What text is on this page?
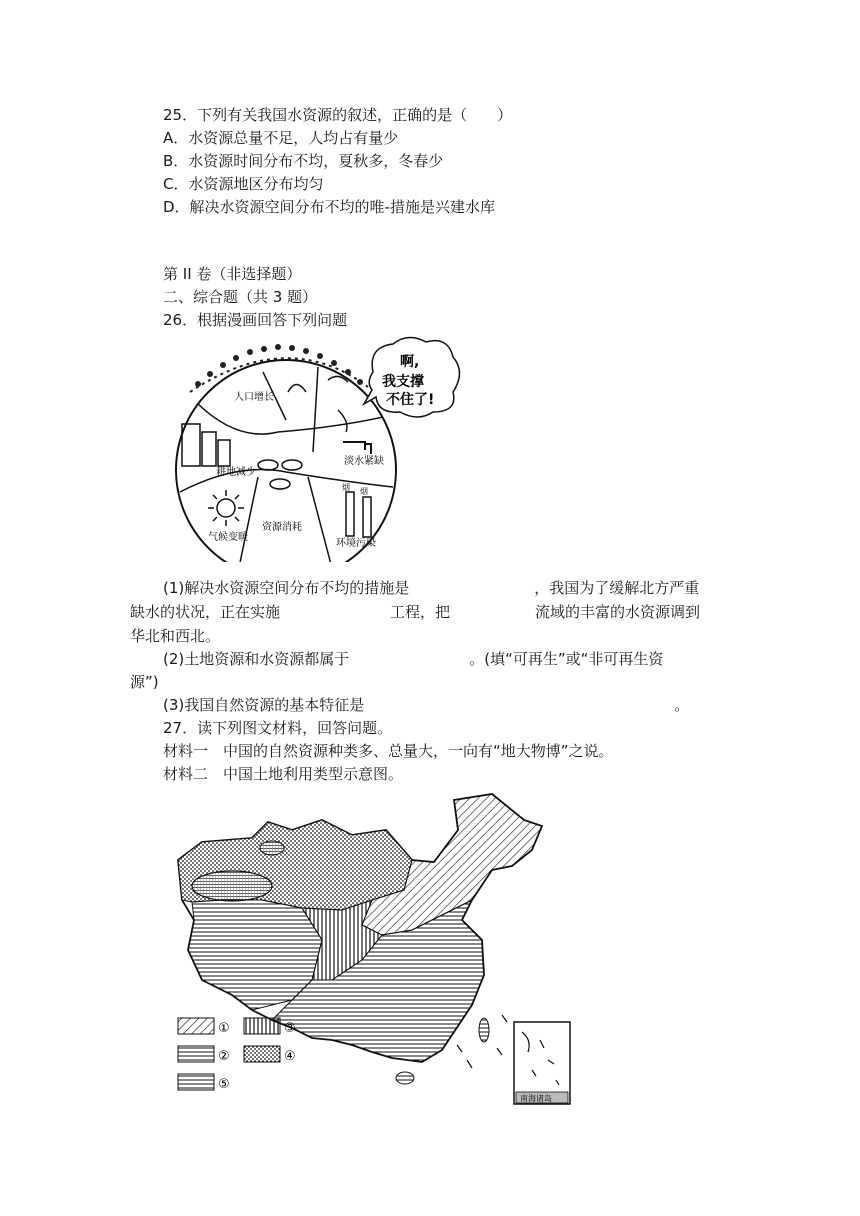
25．下列有关我国水资源的叙述，正确的是（　　）
A．水资源总量不足，人均占有量少
B．水资源时间分布不均，夏秋多，冬春少
C．水资源地区分布均匀
D．解决水资源空间分布不均的唯-措施是兴建水库
第 II 卷（非选择题）
二、综合题（共 3 题）
26．根据漫画回答下列问题
人口增长
耕地减少
淡水紧缺
气候变暖
资源消耗
环境污染
烟 烟
啊,
我支撑
不住了!
(1)解决水资源空间分布不均的措施是	，我国为了缓解北方严重
缺水的状况，正在实施	工程，把	流域的丰富的水资源调到
华北和西北。
(2)土地资源和水资源都属于	。(填“可再生”或“非可再生资
源”)
(3)我国自然资源的基本特征是	。
27．读下列图文材料，回答问题。
材料一　中国的自然资源种类多、总量大，一向有“地大物博”之说。
材料二　中国土地利用类型示意图。
南海诸岛
①
②
⑤
③
④
